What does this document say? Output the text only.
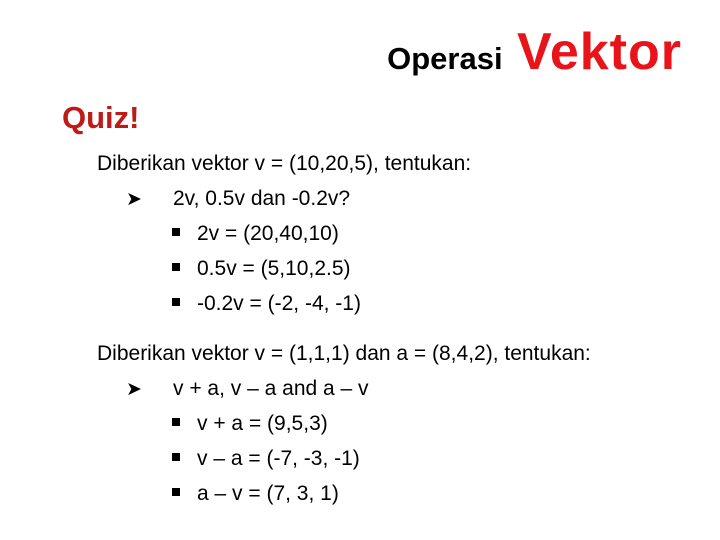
Operasi Vektor
Quiz!
Diberikan vektor v = (10,20,5), tentukan:
➤ 2v, 0.5v dan -0.2v?
2v = (20,40,10)
0.5v = (5,10,2.5)
-0.2v = (-2, -4, -1)
Diberikan vektor v = (1,1,1) dan a = (8,4,2), tentukan:
➤ v + a, v – a and a – v
v + a = (9,5,3)
v – a = (-7, -3, -1)
a – v = (7, 3, 1)
